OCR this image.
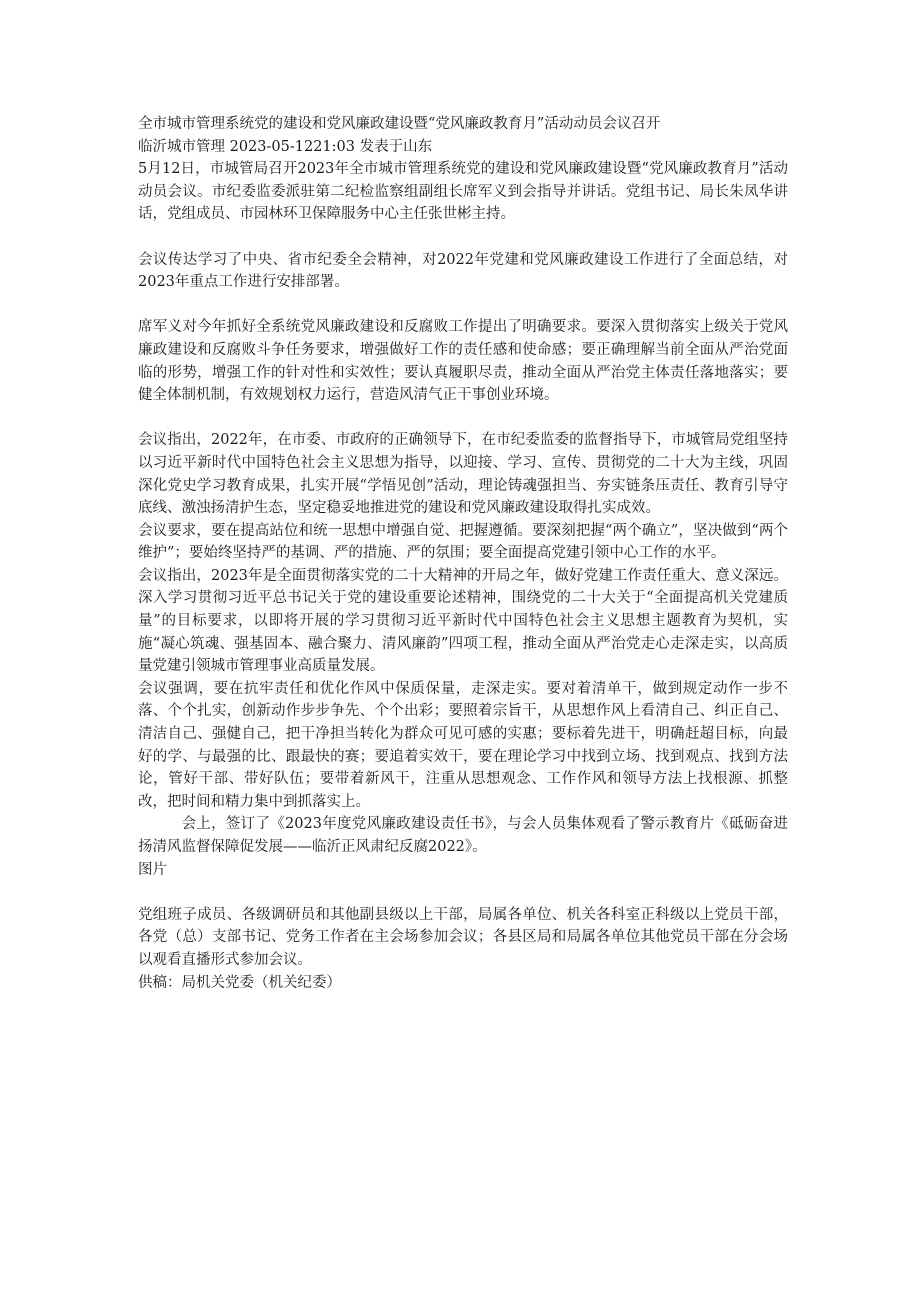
全市城市管理系统党的建设和党风廉政建设暨“党风廉政教育月”活动动员会议召开

临沂城市管理 2023-05-1221:03 发表于山东

5月12日，市城管局召开2023年全市城市管理系统党的建设和党风廉政建设暨“党风廉政教育月”活动动员会议。市纪委监委派驻第二纪检监察组副组长席军义到会指导并讲话。党组书记、局长朱凤华讲话，党组成员、市园林环卫保障服务中心主任张世彬主持。

会议传达学习了中央、省市纪委全会精神，对2022年党建和党风廉政建设工作进行了全面总结，对2023年重点工作进行安排部署。

席军义对今年抓好全系统党风廉政建设和反腐败工作提出了明确要求。要深入贯彻落实上级关于党风廉政建设和反腐败斗争任务要求，增强做好工作的责任感和使命感；要正确理解当前全面从严治党面临的形势，增强工作的针对性和实效性；要认真履职尽责，推动全面从严治党主体责任落地落实；要健全体制机制，有效规划权力运行，营造风清气正干事创业环境。

会议指出，2022年，在市委、市政府的正确领导下，在市纪委监委的监督指导下，市城管局党组坚持以习近平新时代中国特色社会主义思想为指导，以迎接、学习、宣传、贯彻党的二十大为主线，巩固深化党史学习教育成果，扎实开展“学悟见创”活动，理论铸魂强担当、夯实链条压责任、教育引导守底线、激浊扬清护生态，坚定稳妥地推进党的建设和党风廉政建设取得扎实成效。

会议要求，要在提高站位和统一思想中增强自觉、把握遵循。要深刻把握“两个确立”，坚决做到“两个维护”；要始终坚持严的基调、严的措施、严的氛围；要全面提高党建引领中心工作的水平。

会议指出，2023年是全面贯彻落实党的二十大精神的开局之年，做好党建工作责任重大、意义深远。深入学习贯彻习近平总书记关于党的建设重要论述精神，围绕党的二十大关于“全面提高机关党建质量”的目标要求，以即将开展的学习贯彻习近平新时代中国特色社会主义思想主题教育为契机，实施“凝心筑魂、强基固本、融合聚力、清风廉韵”四项工程，推动全面从严治党走心走深走实，以高质量党建引领城市管理事业高质量发展。

会议强调，要在抗牢责任和优化作风中保质保量，走深走实。要对着清单干，做到规定动作一步不落、个个扎实，创新动作步步争先、个个出彩；要照着宗旨干，从思想作风上看清自己、纠正自己、清洁自己、强健自己，把干净担当转化为群众可见可感的实惠；要标着先进干，明确赶超目标，向最好的学、与最强的比、跟最快的赛；要追着实效干，要在理论学习中找到立场、找到观点、找到方法论，管好干部、带好队伍；要带着新风干，注重从思想观念、工作作风和领导方法上找根源、抓整改，把时间和精力集中到抓落实上。

会上，签订了《2023年度党风廉政建设责任书》，与会人员集体观看了警示教育片《砥砺奋进扬清风监督保障促发展——临沂正风肃纪反腐2022》。

图片

党组班子成员、各级调研员和其他副县级以上干部，局属各单位、机关各科室正科级以上党员干部，各党（总）支部书记、党务工作者在主会场参加会议；各县区局和局属各单位其他党员干部在分会场以观看直播形式参加会议。

供稿：局机关党委（机关纪委）
